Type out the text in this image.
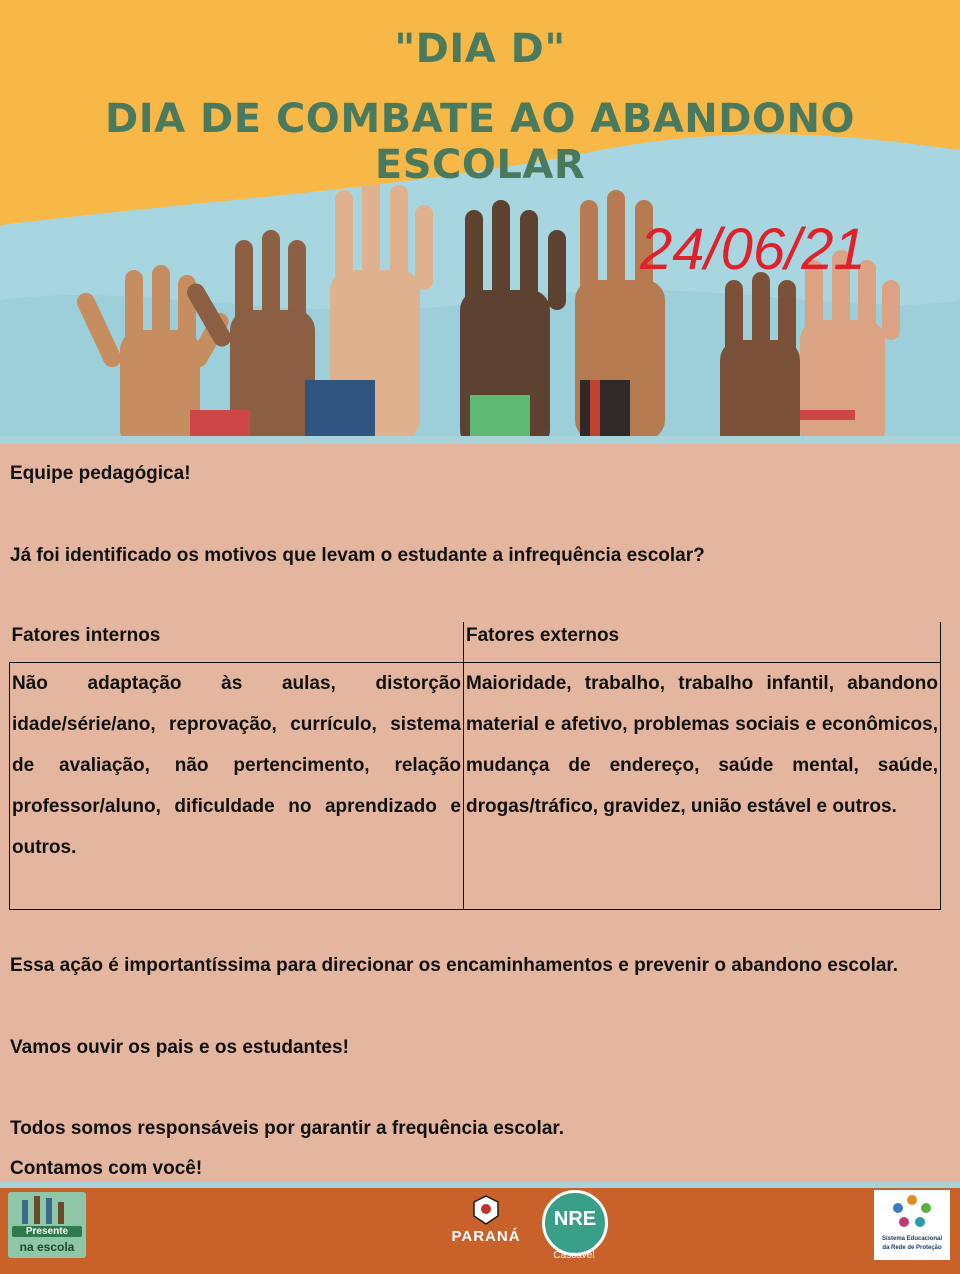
"DIA D"
DIA DE COMBATE AO ABANDONO ESCOLAR
24/06/21
Equipe pedagógica!
Já foi identificado os motivos que levam o estudante a infrequência escolar?
Fatores internos	Fatores externos
Não adaptação às aulas, distorção idade/série/ano, reprovação, currículo, sistema de avaliação, não pertencimento, relação professor/aluno, dificuldade no aprendizado e outros.	Maioridade, trabalho, trabalho infantil, abandono material e afetivo, problemas sociais e econômicos, mudança de endereço, saúde mental, saúde, drogas/tráfico, gravidez, união estável e outros.
Essa ação é importantíssima para direcionar os encaminhamentos e prevenir o abandono escolar.
Vamos ouvir os pais e os estudantes!
Todos somos responsáveis por garantir a frequência escolar.
Contamos com você!
Presente
na escola
PARANÁ
NRE
Cascavel
Sistema Educacional
da Rede de Proteção
